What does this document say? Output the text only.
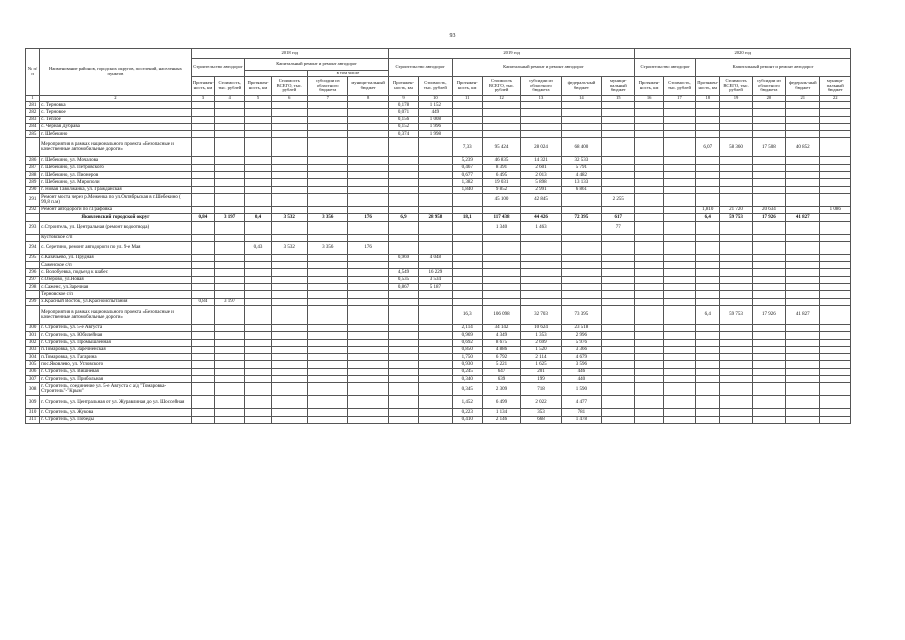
93
№ п/п	Наименование районов, городских округов, поселений, населенных пунктов	2018 год						2019 год							2020 год						
		Строительство автодорог		Капитальный ремонт и ремонт автодорог				Строительство автодорог		Капитальный ремонт и ремонт автодорог					Строительство автодорог		Капитальный ремонт и ремонт автодорог				
						в том числе															
		Протяжен-ность, км	Стоимость, тыс. рублей	Протяжен-ность, км	Стоимость ВСЕГО, тыс. рублей	субсидии из областного бюджета	муници-пальный бюджет	Протяжен-ность, км	Стоимость, тыс. рублей	Протяжен-ность, км	Стоимость ВСЕГО, тыс. рублей	субсидии из областного бюджета	федераль-ный бюджет	муници-пальный бюджет	Протяжен-ность, км	Стоимость, тыс. рублей	Протяжен-ность, км	Стоимость ВСЕГО, тыс. рублей	субсидии из областного бюджета	федераль-ный бюджет	муници-пальный бюджет
1	2	3	4	5	6	7	8	9	10	11	12	13	14	15	16	17	18	19	20	21	22
281	с. Терновка							0,178	1 152												
282	с. Терновое							0,071	449												
283	с. Теплое							0,156	1 008												
284	с. Черная Дубрава							0,152	1 996												
285	г. Шебекино							0,374	1 998												
	Мероприятия в рамках национального проекта «Безопасные и качественные автомобильные дороги»									7,33	95 424	28 024	68 400				6,07	58 360	17 508	40 852	
286	г. Шебекино, ул. Мочалова									5,239	46 835	14 321	32 533								
287	г. Шебекино, ул. Петровского									0,467	8 391	2 601	5 791								
288	г. Шебекино, ул. Пионеров									0,677	6 495	2 013	4 482								
289	г. Шебекино, ул. Мирополи									1,382	19 031	5 898	13 133								
290	г. Новая Таволжанка, ул. Гражданская									1,840	9 852	2 991	6 861								
291	Ремонт моста через р.Меженка по ул.Октябрьская в г.Шебекино ( 99,8 п.м)										45 100	42 845		2 255							
292	Ремонт автодороги по г.Графовка																1,810	21 720	20 634		1 086
	Яковлевский городской округ	0,84	3 197	0,4	3 532	3 356	176	6,9	28 958	18,1	117 438	44 426	72 395	617			6,4	59 753	17 926	41 827	
293	с.Строитель, ул. Центральная (ремонт водоотвода)										1 340	1 463		77							
	Кустовское с/п																				
294	с. Серетино, ремонт автодороги по ул. 9-е Мая			0,43	3 532	3 356	176														
295	с.Казачьево, ул. Прудная							0,969	4 048												
	Саженское с/п																				
296	с. Волобуевка, подъезд к шабес							4,549	16 229												
297	с.Озерово, ул.Новая							0,535	3 534												
298	с.Саженс, ул.Заречная							0,867	5 187												
	Терновское с/п																				
299	х.Красный Восток, ул.Красноиспытания	0,84	3 197																		
	Мероприятия в рамках национального проекта «Безопасные и качественные автомобильные дороги»									16,3	106 098	32 703	73 395				6,4	59 753	17 926	41 827	
300	г. Строитель, ул. 5-е Августа									2,114	34 142	10 624	23 518								
301	г. Строитель, ул. Юбилейная									0,969	4 349	1 353	2 996								
302	г. Строитель, ул. Промышленная									0,692	8 675	2 699	5 976								
303	п.Томаровка, ул. Заречненская									0,850	4 886	1 520	3 366								
304	п.Томаровка, ул. Гагарина									1,750	6 792	2 114	4 679								
305	пос.Яковлево, ул. Угловского									0,930	5 221	1 625	3 596								
306	г. Строитель, ул. Вишневая									0,245	647	201	446								
307	г. Строитель, ул. Прибольная									0,340	639	199	440								
308	г. Строитель, соединение ул. 5-е Августа с а/д "Томаровка-Строитель"-"Крым"									0,345	2 309	718	1 590								
309	г. Строитель, ул. Центральная от ул. Журавлиная до ул. Шоссейная									1,452	6 499	2 022	4 477								
310	г. Строитель, ул. Жукова									0,223	1 134	353	781								
311	г. Строитель, ул. Победы									0,410	2 146	668	1 478								
